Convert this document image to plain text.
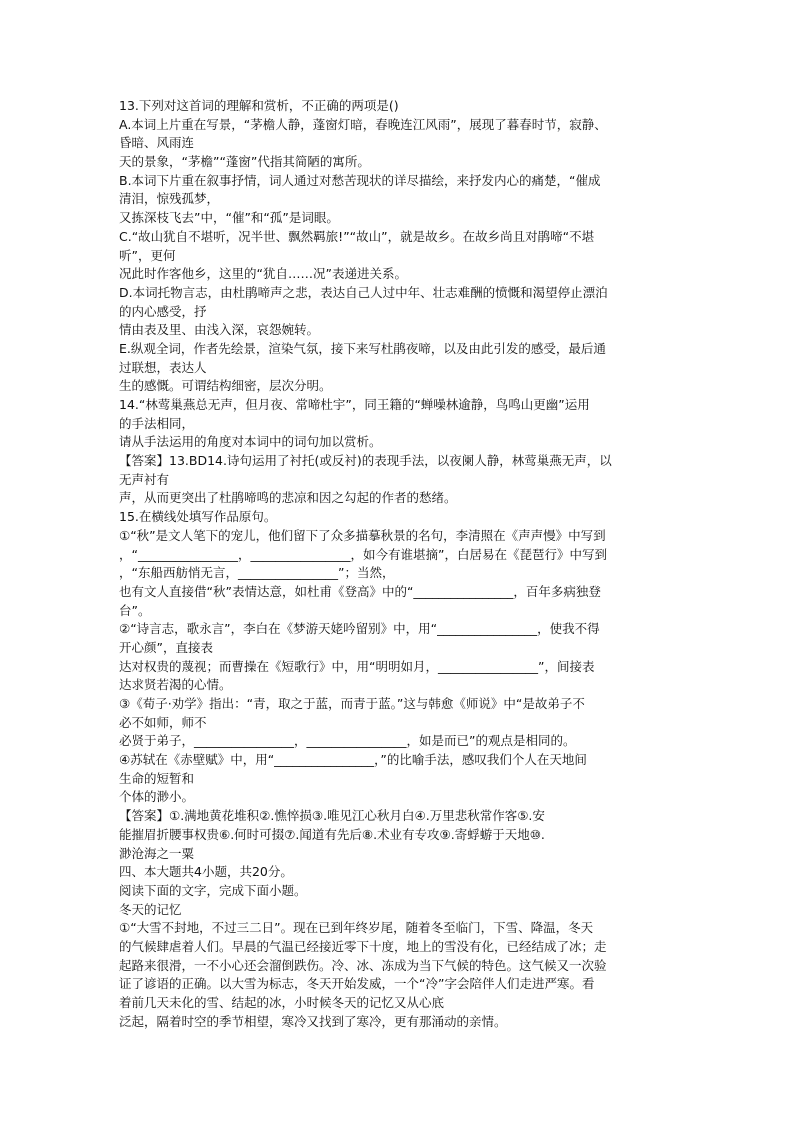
13.下列对这首词的理解和赏析，不正确的两项是()
A.本词上片重在写景，“茅檐人静，蓬窗灯暗，春晚连江风雨”，展现了暮春时节，寂静、
昏暗、风雨连
天的景象，“茅檐”“蓬窗”代指其简陋的寓所。
B.本词下片重在叙事抒情，词人通过对愁苦现状的详尽描绘，来抒发内心的痛楚，“催成
清泪，惊残孤梦，
又拣深枝飞去”中，“催”和“孤”是词眼。
C.“故山犹自不堪听，况半世、飘然羁旅!”“故山”，就是故乡。在故乡尚且对鹃啼“不堪
听”，更何
况此时作客他乡，这里的“犹自……况”表递进关系。
D.本词托物言志，由杜鹃啼声之悲，表达自己人过中年、壮志难酬的愤慨和渴望停止漂泊
的内心感受，抒
情由表及里、由浅入深，哀怨婉转。
E.纵观全词，作者先绘景，渲染气氛，接下来写杜鹃夜啼，以及由此引发的感受，最后通
过联想，表达人
生的感慨。可谓结构细密，层次分明。
14.“林莺巢燕总无声，但月夜、常啼杜宇”，同王籍的“蝉噪林逾静，鸟鸣山更幽”运用
的手法相同，
请从手法运用的角度对本词中的词句加以赏析。
【答案】13.BD14.诗句运用了衬托(或反衬)的表现手法，以夜阑人静，林莺巢燕无声，以
无声衬有
声，从而更突出了杜鹃啼鸣的悲凉和因之勾起的作者的愁绪。
15.在横线处填写作品原句。
①“秋”是文人笔下的宠儿，他们留下了众多描摹秋景的名句，李清照在《声声慢》中写到
，“________________，________________，如今有谁堪摘”，白居易在《琵琶行》中写到
，“东船西舫悄无言，________________”；当然，
也有文人直接借“秋”表情达意，如杜甫《登高》中的“________________，百年多病独登
台”。
②“诗言志，歌永言”，李白在《梦游天姥吟留别》中，用“________________，使我不得
开心颜”，直接表
达对权贵的蔑视；而曹操在《短歌行》中，用“明明如月，________________”，间接表
达求贤若渴的心情。
③《荀子·劝学》指出：“青，取之于蓝，而青于蓝。”这与韩愈《师说》中“是故弟子不
必不如师，师不
必贤于弟子，________________，________________，如是而已”的观点是相同的。
④苏轼在《赤壁赋》中，用“________________，”的比喻手法，感叹我们个人在天地间
生命的短暂和
个体的渺小。
【答案】①.满地黄花堆积②.憔悴损③.唯见江心秋月白④.万里悲秋常作客⑤.安
能摧眉折腰事权贵⑥.何时可掇⑦.闻道有先后⑧.术业有专攻⑨.寄蜉蝣于天地⑩.
渺沧海之一粟
四、本大题共4小题，共20分。
阅读下面的文字，完成下面小题。
冬天的记忆
①“大雪不封地，不过三二日”。现在已到年终岁尾，随着冬至临门，下雪、降温，冬天
的气候肆虐着人们。早晨的气温已经接近零下十度，地上的雪没有化，已经结成了冰；走
起路来很滑，一不小心还会溜倒跌伤。冷、冰、冻成为当下气候的特色。这气候又一次验
证了谚语的正确。以大雪为标志，冬天开始发威，一个“冷”字会陪伴人们走进严寒。看
着前几天未化的雪、结起的冰，小时候冬天的记忆又从心底
泛起，隔着时空的季节相望，寒冷又找到了寒冷，更有那涌动的亲情。
